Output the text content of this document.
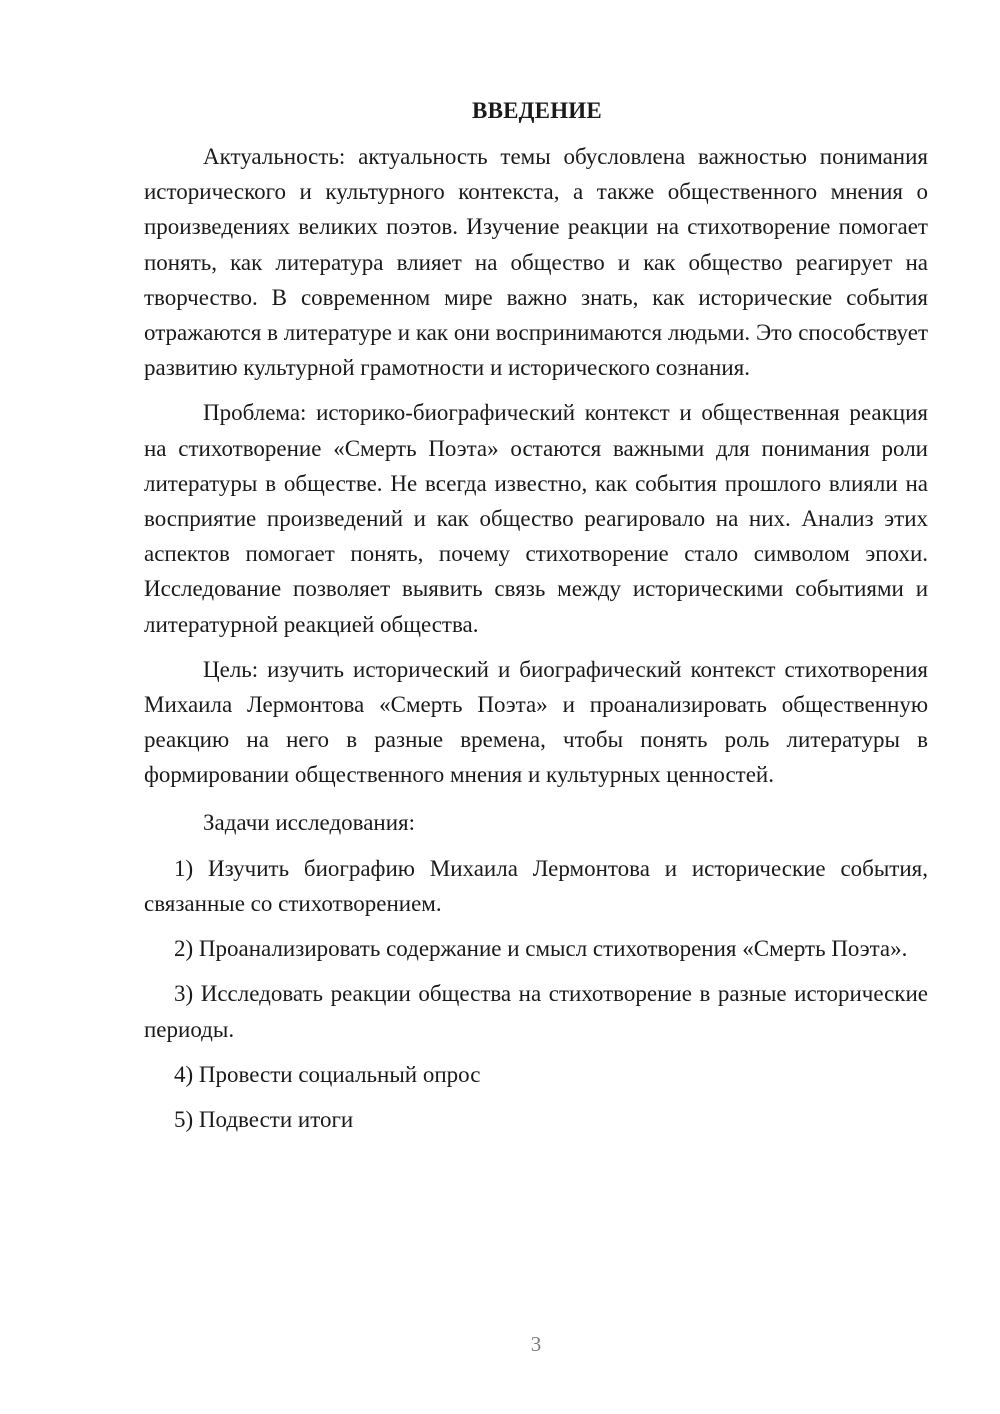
ВВЕДЕНИЕ

Актуальность: актуальность темы обусловлена важностью понимания исторического и культурного контекста, а также общественного мнения о произведениях великих поэтов. Изучение реакции на стихотворение помогает понять, как литература влияет на общество и как общество реагирует на творчество. В современном мире важно знать, как исторические события отражаются в литературе и как они воспринимаются людьми. Это способствует развитию культурной грамотности и исторического сознания.

Проблема: историко-биографический контекст и общественная реакция на стихотворение «Смерть Поэта» остаются важными для понимания роли литературы в обществе. Не всегда известно, как события прошлого влияли на восприятие произведений и как общество реагировало на них. Анализ этих аспектов помогает понять, почему стихотворение стало символом эпохи. Исследование позволяет выявить связь между историческими событиями и литературной реакцией общества.

Цель: изучить исторический и биографический контекст стихотворения Михаила Лермонтова «Смерть Поэта» и проанализировать общественную реакцию на него в разные времена, чтобы понять роль литературы в формировании общественного мнения и культурных ценностей.

Задачи исследования:

1) Изучить биографию Михаила Лермонтова и исторические события, связанные со стихотворением.

2) Проанализировать содержание и смысл стихотворения «Смерть Поэта».

3) Исследовать реакции общества на стихотворение в разные исторические периоды.

4) Провести социальный опрос

5) Подвести итоги

3
